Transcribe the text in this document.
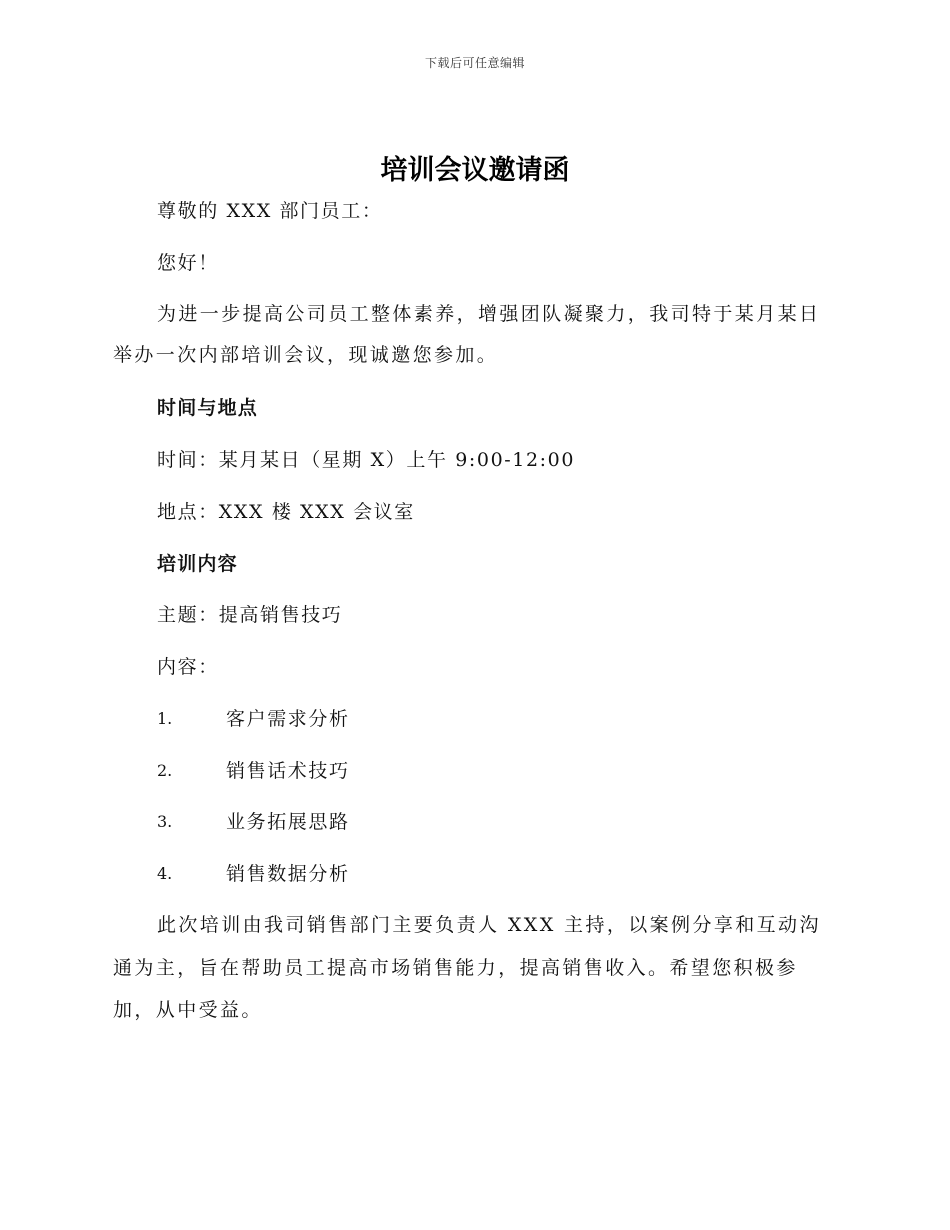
下载后可任意编辑
培训会议邀请函
尊敬的 XXX 部门员工：
您好！
为进一步提高公司员工整体素养，增强团队凝聚力，我司特于某月某日
举办一次内部培训会议，现诚邀您参加。
时间与地点
时间：某月某日（星期 X）上午 9:00-12:00
地点：XXX 楼 XXX 会议室
培训内容
主题：提高销售技巧
内容：
1.	客户需求分析
2.	销售话术技巧
3.	业务拓展思路
4.	销售数据分析
此次培训由我司销售部门主要负责人 XXX 主持，以案例分享和互动沟
通为主，旨在帮助员工提高市场销售能力，提高销售收入。希望您积极参
加，从中受益。
